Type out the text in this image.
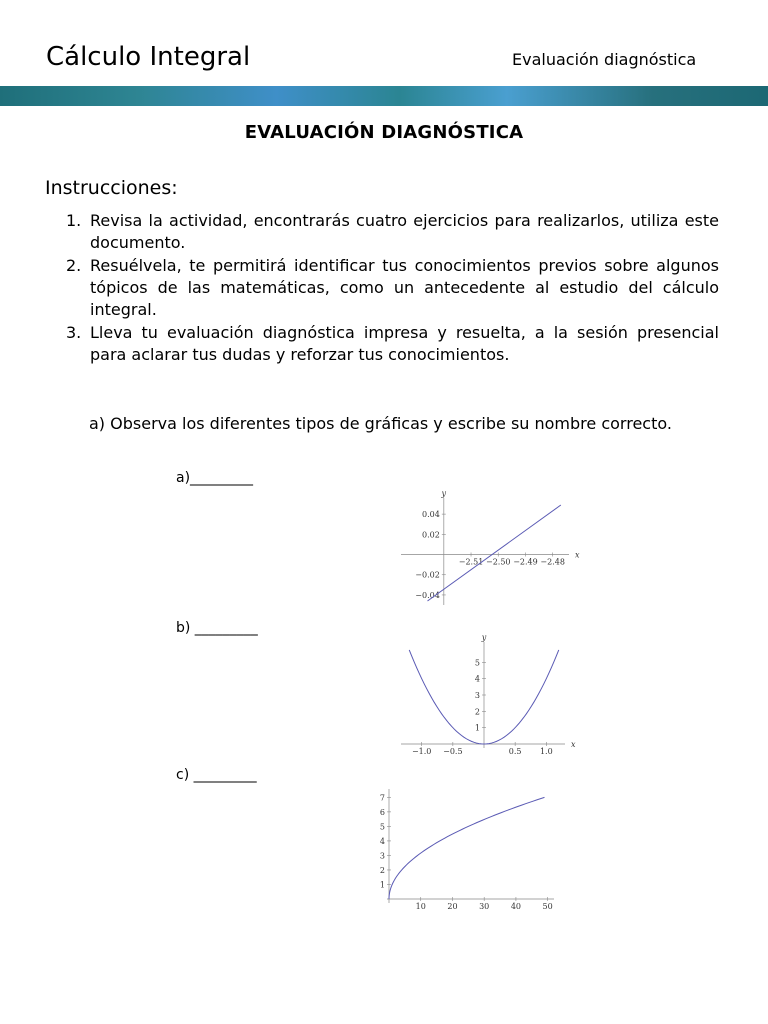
Cálculo Integral	Evaluación diagnóstica
EVALUACIÓN DIAGNÓSTICA
Instrucciones:
1. Revisa la actividad, encontrarás cuatro ejercicios para realizarlos, utiliza este documento.
2. Resuélvela, te permitirá identificar tus conocimientos previos sobre algunos tópicos de las matemáticas, como un antecedente al estudio del cálculo integral.
3. Lleva tu evaluación diagnóstica impresa y resuelta, a la sesión presencial para aclarar tus dudas y reforzar tus conocimientos.
a) Observa los diferentes tipos de gráficas y escribe su nombre correcto.
a)_________
b) _________
c) _________
−2.51 −2.50 −2.49 −2.48
0.04
0.02
−0.02
−0.04
x
y
−1.0 −0.5	0.5 1.0
1
2
3
4
5
x
y
10	20	30	40	50
1
2
3
4
5
6
7
